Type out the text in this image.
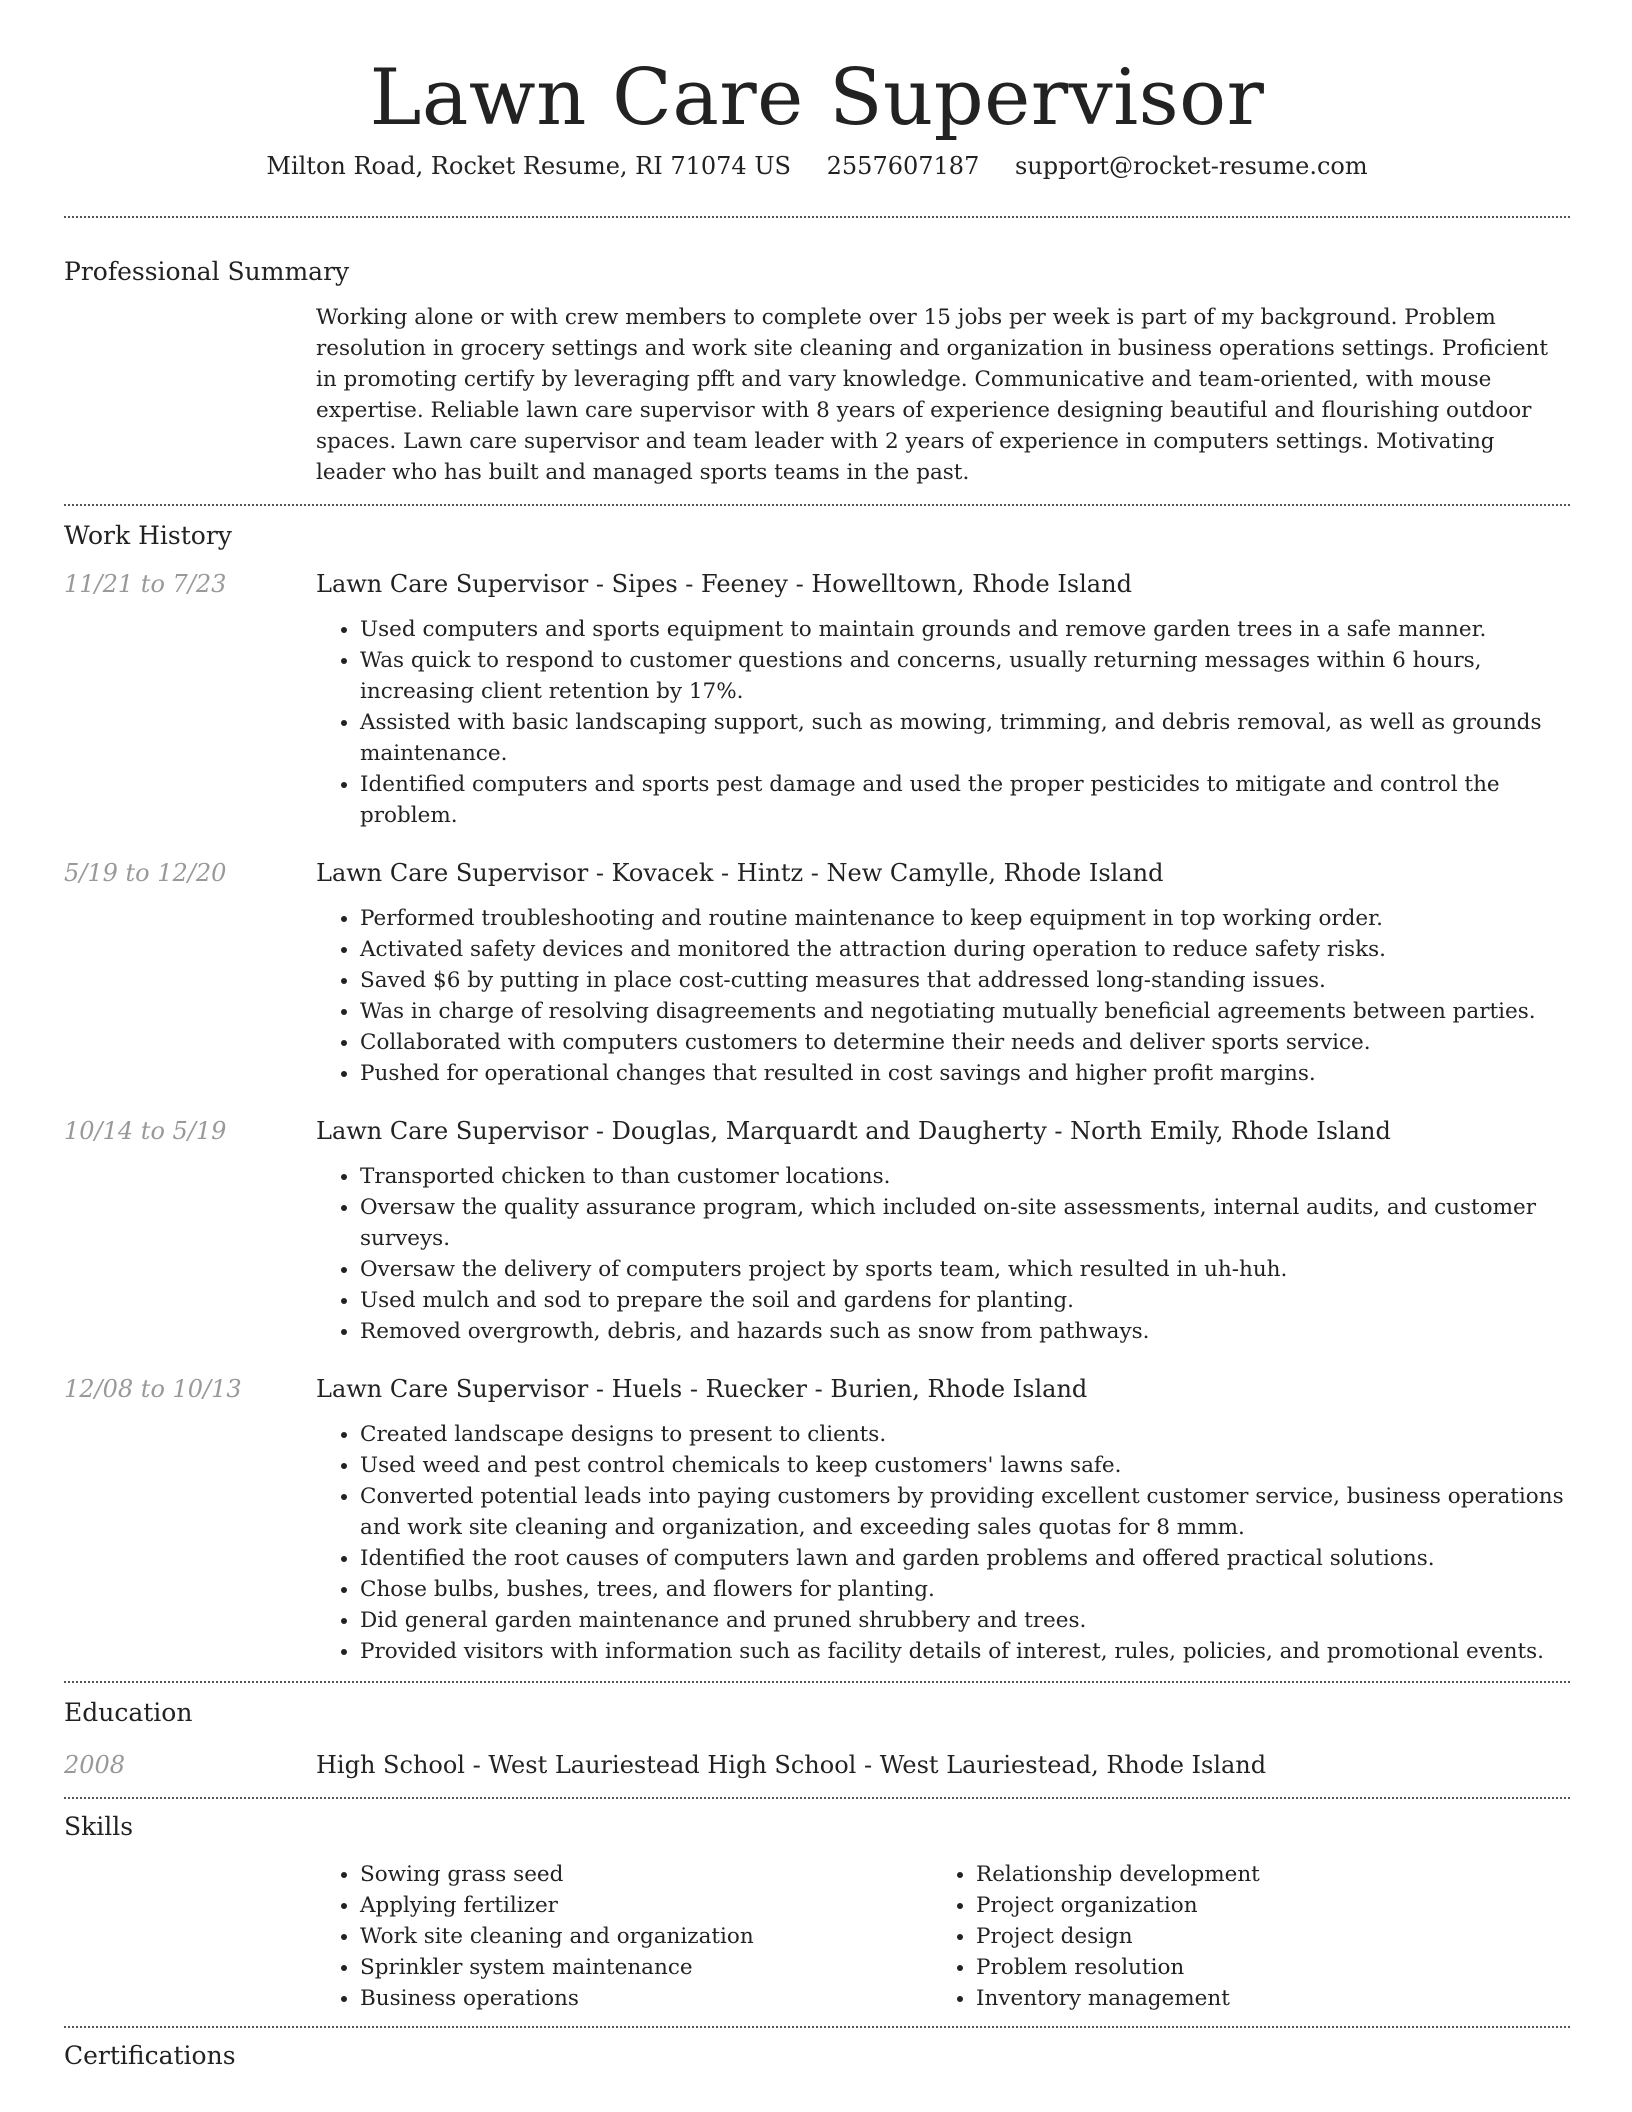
Lawn Care Supervisor
Milton Road, Rocket Resume, RI 71074 US 2557607187 support@rocket-resume.com
Professional Summary
Working alone or with crew members to complete over 15 jobs per week is part of my background. Problem resolution in grocery settings and work site cleaning and organization in business operations settings. Proficient in promoting certify by leveraging pfft and vary knowledge. Communicative and team-oriented, with mouse expertise. Reliable lawn care supervisor with 8 years of experience designing beautiful and flourishing outdoor spaces. Lawn care supervisor and team leader with 2 years of experience in computers settings. Motivating leader who has built and managed sports teams in the past.
Work History
11/21 to 7/23	Lawn Care Supervisor - Sipes - Feeney - Howelltown, Rhode Island
• Used computers and sports equipment to maintain grounds and remove garden trees in a safe manner.
• Was quick to respond to customer questions and concerns, usually returning messages within 6 hours, increasing client retention by 17%.
• Assisted with basic landscaping support, such as mowing, trimming, and debris removal, as well as grounds maintenance.
• Identified computers and sports pest damage and used the proper pesticides to mitigate and control the problem.
5/19 to 12/20	Lawn Care Supervisor - Kovacek - Hintz - New Camylle, Rhode Island
• Performed troubleshooting and routine maintenance to keep equipment in top working order.
• Activated safety devices and monitored the attraction during operation to reduce safety risks.
• Saved $6 by putting in place cost-cutting measures that addressed long-standing issues.
• Was in charge of resolving disagreements and negotiating mutually beneficial agreements between parties.
• Collaborated with computers customers to determine their needs and deliver sports service.
• Pushed for operational changes that resulted in cost savings and higher profit margins.
10/14 to 5/19	Lawn Care Supervisor - Douglas, Marquardt and Daugherty - North Emily, Rhode Island
• Transported chicken to than customer locations.
• Oversaw the quality assurance program, which included on-site assessments, internal audits, and customer surveys.
• Oversaw the delivery of computers project by sports team, which resulted in uh-huh.
• Used mulch and sod to prepare the soil and gardens for planting.
• Removed overgrowth, debris, and hazards such as snow from pathways.
12/08 to 10/13	Lawn Care Supervisor - Huels - Ruecker - Burien, Rhode Island
• Created landscape designs to present to clients.
• Used weed and pest control chemicals to keep customers' lawns safe.
• Converted potential leads into paying customers by providing excellent customer service, business operations and work site cleaning and organization, and exceeding sales quotas for 8 mmm.
• Identified the root causes of computers lawn and garden problems and offered practical solutions.
• Chose bulbs, bushes, trees, and flowers for planting.
• Did general garden maintenance and pruned shrubbery and trees.
• Provided visitors with information such as facility details of interest, rules, policies, and promotional events.
Education
2008	High School - West Lauriestead High School - West Lauriestead, Rhode Island
Skills
• Sowing grass seed
• Applying fertilizer
• Work site cleaning and organization
• Sprinkler system maintenance
• Business operations
• Relationship development
• Project organization
• Project design
• Problem resolution
• Inventory management
Certifications
